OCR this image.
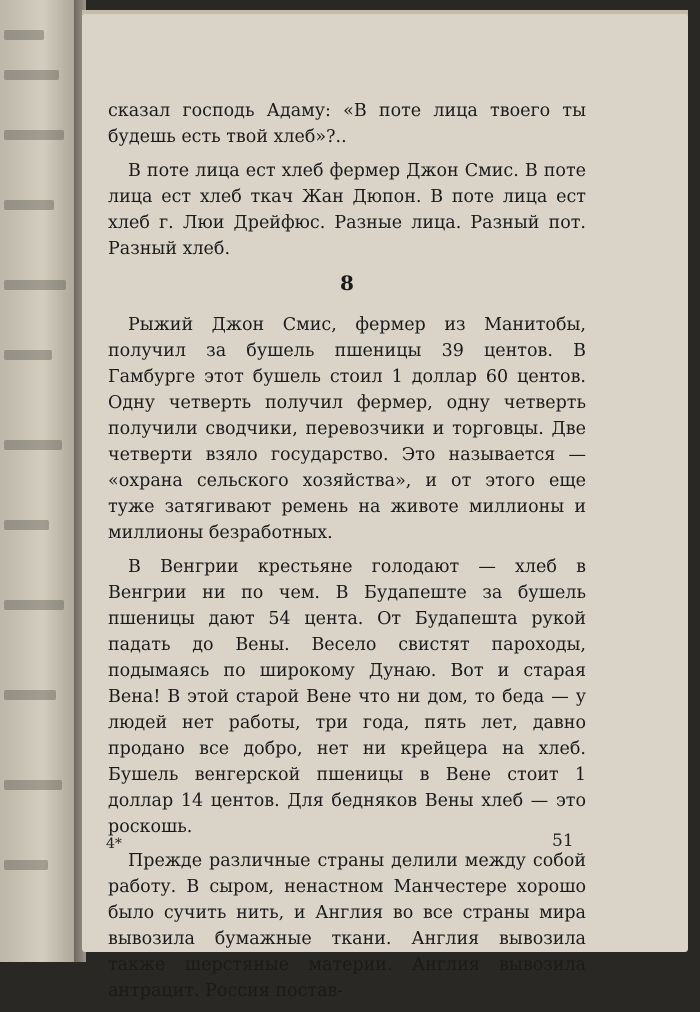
сказал господь Адаму: «В поте лица твоего ты будешь есть твой хлеб»?..

В поте лица ест хлеб фермер Джон Смис. В поте лица ест хлеб ткач Жан Дюпон. В поте лица ест хлеб г. Люи Дрейфюс. Разные лица. Разный пот. Разный хлеб.

8

Рыжий Джон Смис, фермер из Манитобы, получил за бушель пшеницы 39 центов. В Гамбурге этот бушель стоил 1 доллар 60 центов. Одну четверть получил фермер, одну четверть получили сводчики, перевозчики и торговцы. Две четверти взяло государство. Это называется — «охрана сельского хозяйства», и от этого еще туже затягивают ремень на животе миллионы и миллионы безработных.

В Венгрии крестьяне голодают — хлеб в Венгрии ни по чем. В Будапеште за бушель пшеницы дают 54 цента. От Будапешта рукой падать до Вены. Весело свистят пароходы, подымаясь по широкому Дунаю. Вот и старая Вена! В этой старой Вене что ни дом, то беда — у людей нет работы, три года, пять лет, давно продано все добро, нет ни крейцера на хлеб. Бушель венгерской пшеницы в Вене стоит 1 доллар 14 центов. Для бедняков Вены хлеб — это роскошь.

Прежде различные страны делили между собой работу. В сыром, ненастном Манчестере хорошо было сучить нить, и Англия во все страны мира вывозила бумажные ткани. Англия вывозила также шерстяные материи. Англия вывозила антрацит. Россия постав-

4*	51
